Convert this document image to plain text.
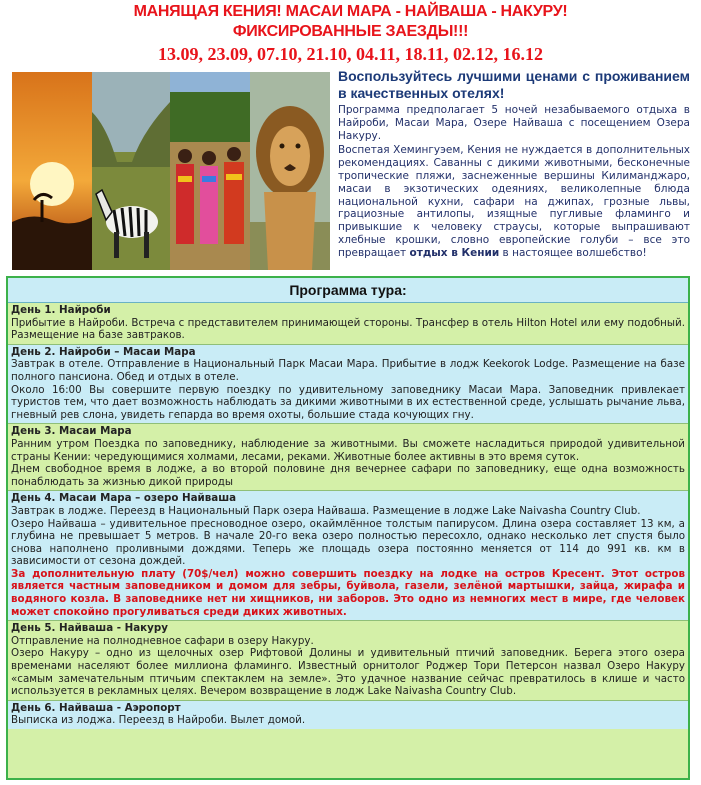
МАНЯЩАЯ КЕНИЯ! МАСАИ МАРА - НАЙВАША - НАКУРУ!
ФИКСИРОВАННЫЕ ЗАЕЗДЫ!!!
13.09, 23.09, 07.10, 21.10, 04.11, 18.11, 02.12, 16.12
Воспользуйтесь лучшими ценами с проживанием в качественных отелях!

Программа предполагает 5 ночей незабываемого отдыха в Найроби, Масаи Мара, Озере Найваша с посещением Озера Накуру.

Воспетая Хемингуэем, Кения не нуждается в дополнительных рекомендациях. Саванны с дикими животными, бесконечные тропические пляжи, заснеженные вершины Килиманджаро, масаи в экзотических одеяниях, великолепные блюда национальной кухни, сафари на джипах, грозные львы, грациозные антилопы, изящные пугливые фламинго и привыкшие к человеку страусы, которые выпрашивают хлебные крошки, словно европейские голуби – все это превращает отдых в Кении в настоящее волшебство!

Программа тура:
День 1. Найроби

Прибытие в Найроби. Встреча с представителем принимающей стороны. Трансфер в отель Hilton Hotel или ему подобный. Размещение на базе завтраков.

День 2. Найроби – Масаи Мара

Завтрак в отеле. Отправление в Национальный Парк Масаи Мара. Прибытие в лодж Keekorok Lodge. Размещение на базе полного пансиона. Обед и отдых в отеле.

Около 16:00 Вы совершите первую поездку по удивительному заповеднику Масаи Мара. Заповедник привлекает туристов тем, что дает возможность наблюдать за дикими животными в их естественной среде, услышать рычание льва, гневный рев слона, увидеть гепарда во время охоты, большие стада кочующих гну.

День 3. Масаи Мара

Ранним утром Поездка по заповеднику, наблюдение за животными. Вы сможете насладиться природой удивительной страны Кении: чередующимися холмами, лесами, реками. Животные более активны в это время суток.

Днем свободное время в лодже, а во второй половине дня вечернее сафари по заповеднику, еще одна возможность понаблюдать за жизнью дикой природы

День 4. Масаи Мара – озеро Найваша

Завтрак в лодже. Переезд в Национальный Парк озера Найваша. Размещение в лодже Lake Naivasha Country Club.

Озеро Найваша – удивительное пресноводное озеро, окаймлённое толстым папирусом. Длина озера составляет 13 км, а глубина не превышает 5 метров. В начале 20-го века озеро полностью пересохло, однако несколько лет спустя было снова наполнено проливными дождями. Теперь же площадь озера постоянно меняется от 114 до 991 кв. км в зависимости от сезона дождей.

За дополнительную плату (70$/чел) можно совершить поездку на лодке на остров Кресент. Этот остров является частным заповедником и домом для зебры, буйвола, газели, зелёной мартышки, зайца, жирафа и водяного козла. В заповеднике нет ни хищников, ни заборов. Это одно из немногих мест в мире, где человек может спокойно прогуливаться среди диких животных.

День 5. Найваша - Накуру

Отправление на полнодневное сафари в озеру Накуру.

Озеро Накуру – одно из щелочных озер Рифтовой Долины и удивительный птичий заповедник. Берега этого озера временами населяют более миллиона фламинго. Известный орнитолог Роджер Тори Петерсон назвал Озеро Накуру «самым замечательным птичьим спектаклем на земле». Это удачное название сейчас превратилось в клише и часто используется в рекламных целях. Вечером возвращение в лодж Lake Naivasha Country Club.

День 6. Найваша - Аэропорт

Выписка из лоджа. Переезд в Найроби. Вылет домой.
